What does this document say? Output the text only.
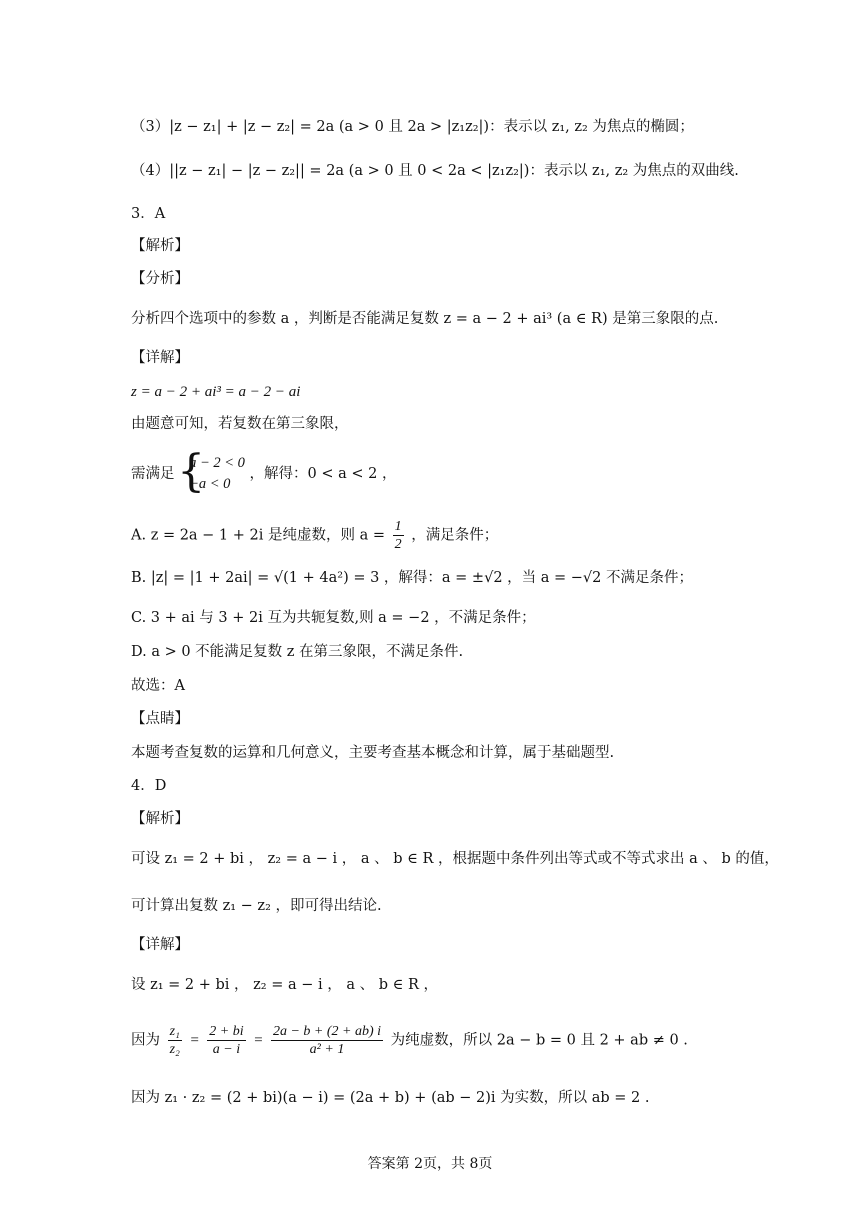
（3）|z − z₁| + |z − z₂| = 2a (a > 0 且 2a > |z₁z₂|)：表示以 z₁, z₂ 为焦点的椭圆；
（4）||z − z₁| − |z − z₂|| = 2a (a > 0 且 0 < 2a < |z₁z₂|)：表示以 z₁, z₂ 为焦点的双曲线.
3．A
【解析】
【分析】
分析四个选项中的参数 a ，判断是否能满足复数 z = a − 2 + ai³ (a ∈ R) 是第三象限的点.
【详解】
z = a − 2 + ai³ = a − 2 − ai
由题意可知，若复数在第三象限，
需满足
{ a − 2 < 0
−a < 0
，解得：0 < a < 2 ，
A. z = 2a − 1 + 2i 是纯虚数，则 $a = \frac{1}{2}$ ，满足条件；
B. |z| = |1 + 2ai| = √(1 + 4a²) = 3 ，解得：a = ±√2 ，当 a = −√2 不满足条件；
C. 3 + ai 与 3 + 2i 互为共轭复数,则 a = −2 ，不满足条件；
D. a > 0 不能满足复数 z 在第三象限，不满足条件.
故选：A
【点睛】
本题考查复数的运算和几何意义，主要考查基本概念和计算，属于基础题型.
4．D
【解析】
可设 z₁ = 2 + bi ， z₂ = a − i ， a 、 b ∈ R ，根据题中条件列出等式或不等式求出 a 、 b 的值，
可计算出复数 z₁ − z₂ ，即可得出结论.
【详解】
设 z₁ = 2 + bi ， z₂ = a − i ， a 、 b ∈ R ，
因为 $\frac{\text{z₁}}{\text{z₂}} = \frac{2 + bi}{a - i} = \frac{2a - b + (2 + ab) i}{\text{a² + 1}}$ 为纯虚数，所以 2a − b = 0 且 2 + ab ≠ 0 .
因为 z₁ · z₂ = (2 + bi)(a − i) = (2a + b) + (ab − 2)i 为实数，所以 ab = 2 .
答案第 2页，共 8页
